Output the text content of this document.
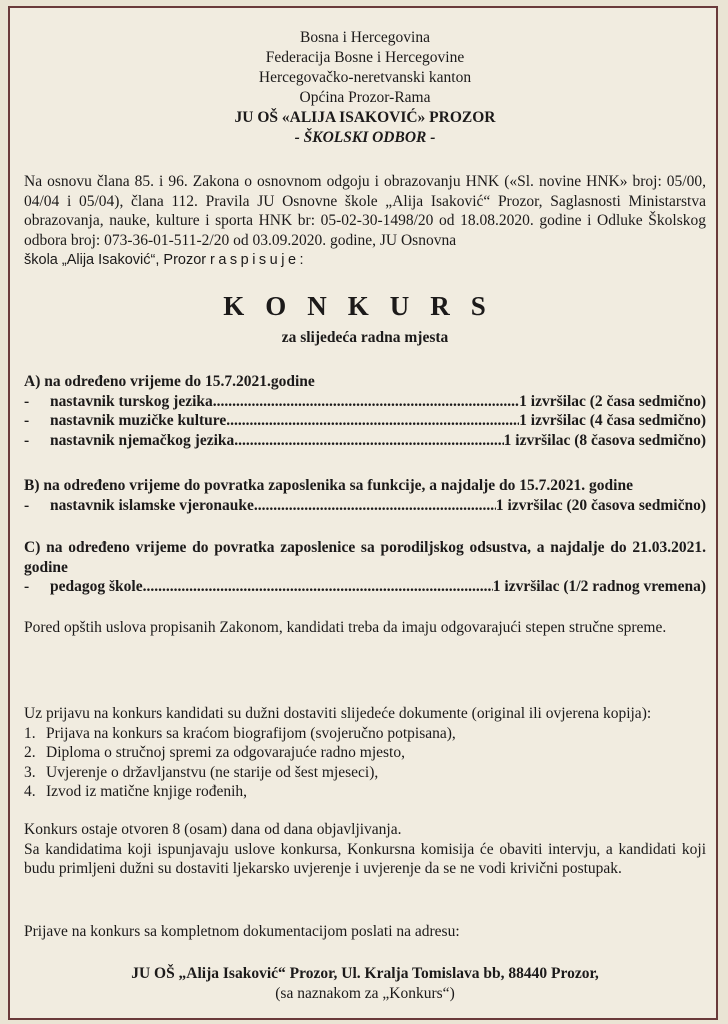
Bosna i Hercegovina
Federacija Bosne i Hercegovine
Hercegovačko-neretvanski kanton
Općina Prozor-Rama
JU OŠ «ALIJA ISAKOVIĆ» PROZOR
- ŠKOLSKI ODBOR -
Na osnovu člana 85. i 96. Zakona o osnovnom odgoju i obrazovanju HNK («Sl. novine HNK» broj: 05/00, 04/04 i 05/04), člana 112. Pravila JU Osnovne škole „Alija Isaković“ Prozor, Saglasnosti Ministarstva obrazovanja, nauke, kulture i sporta HNK br: 05-02-30-1498/20 od 18.08.2020. godine i Odluke Školskog odbora broj: 073-36-01-511-2/20 od 03.09.2020. godine, JU Osnovna
škola „Alija Isaković“, Prozor raspisuje:
KONKURS
za slijedeća radna mjesta
A) na određeno vrijeme do 15.7.2021.godine
-	nastavnik turskog jezika .....	1 izvršilac (2 časa sedmično)
-	nastavnik muzičke kulture .....	1 izvršilac (4 časa sedmično)
-	nastavnik njemačkog jezika .....	1 izvršilac (8 časova sedmično)
B) na određeno vrijeme do povratka zaposlenika sa funkcije, a najdalje do 15.7.2021. godine
-	nastavnik islamske vjeronauke .....	1 izvršilac (20 časova sedmično)
C) na određeno vrijeme do povratka zaposlenice sa porodiljskog odsustva, a najdalje do 21.03.2021. godine
-	pedagog škole .....	1 izvršilac (1/2 radnog vremena)
Pored opštih uslova propisanih Zakonom, kandidati treba da imaju odgovarajući stepen stručne spreme.
Uz prijavu na konkurs kandidati su dužni dostaviti slijedeće dokumente (original ili ovjerena kopija):
1. Prijava na konkurs sa kraćom biografijom (svojeručno potpisana),
2. Diploma o stručnoj spremi za odgovarajuće radno mjesto,
3. Uvjerenje o državljanstvu (ne starije od šest mjeseci),
4. Izvod iz matične knjige rođenih,
Konkurs ostaje otvoren 8 (osam) dana od dana objavljivanja.
Sa kandidatima koji ispunjavaju uslove konkursa, Konkursna komisija će obaviti intervju, a kandidati koji budu primljeni dužni su dostaviti ljekarsko uvjerenje i uvjerenje da se ne vodi krivični postupak.
Prijave na konkurs sa kompletnom dokumentacijom poslati na adresu:
JU OŠ „Alija Isaković“ Prozor, Ul. Kralja Tomislava bb, 88440 Prozor,
(sa naznakom za „Konkurs“)
